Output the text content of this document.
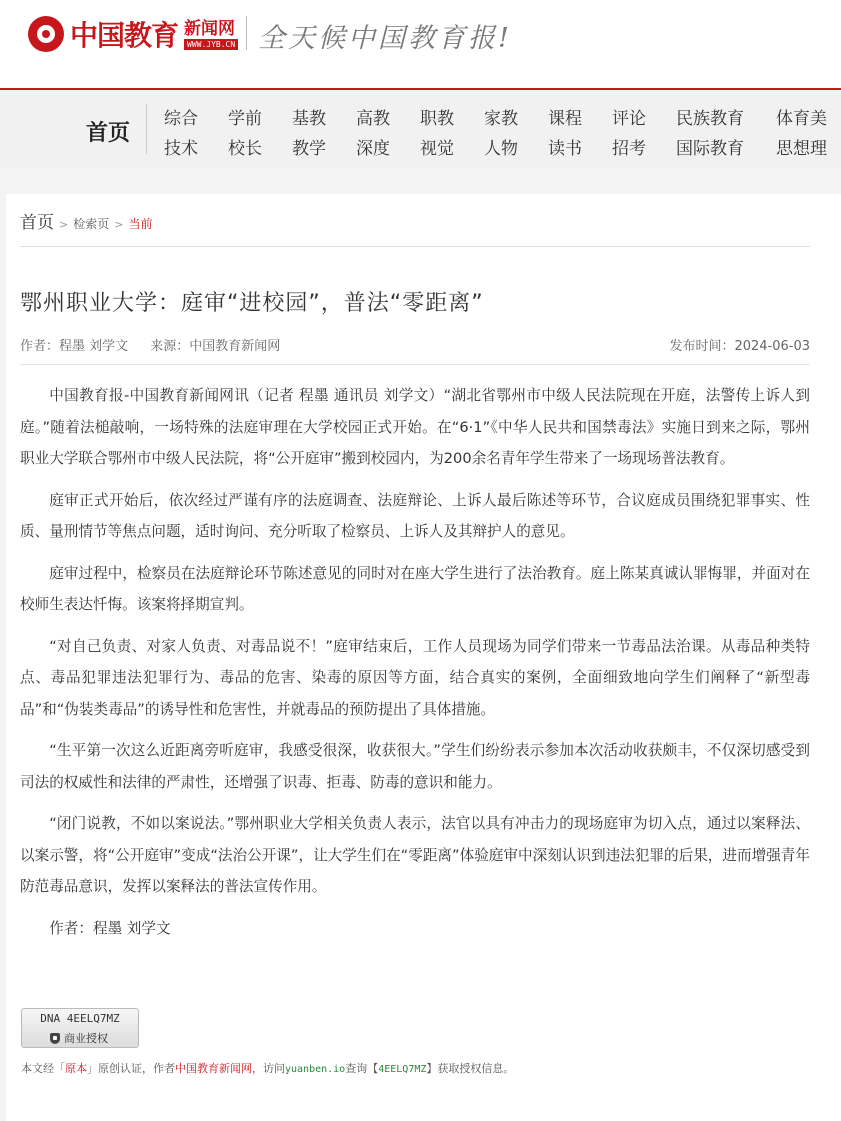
中国教育 新闻网
WWW.JYB.CN 全天候中国教育报!
首页
综合 学前 基教 高教 职教 家教 课程 评论 民族教育 体育美
技术 校长 教学 深度 视觉 人物 读书 招考 国际教育 思想理
首页 > 检索页 > 当前
鄂州职业大学：庭审“进校园”，普法“零距离”
作者：程墨 刘学文 来源：中国教育新闻网	发布时间：2024-06-03

中国教育报-中国教育新闻网讯（记者 程墨 通讯员 刘学文）“湖北省鄂州市中级人民法院现在开庭，法警传上诉人到庭。”随着法槌敲响，一场特殊的法庭审理在大学校园正式开始。在“6·1”《中华人民共和国禁毒法》实施日到来之际，鄂州职业大学联合鄂州市中级人民法院，将“公开庭审”搬到校园内，为200余名青年学生带来了一场现场普法教育。

庭审正式开始后，依次经过严谨有序的法庭调查、法庭辩论、上诉人最后陈述等环节，合议庭成员围绕犯罪事实、性质、量刑情节等焦点问题，适时询问、充分听取了检察员、上诉人及其辩护人的意见。

庭审过程中，检察员在法庭辩论环节陈述意见的同时对在座大学生进行了法治教育。庭上陈某真诚认罪悔罪，并面对在校师生表达忏悔。该案将择期宣判。

“对自己负责、对家人负责、对毒品说不！”庭审结束后，工作人员现场为同学们带来一节毒品法治课。从毒品种类特点、毒品犯罪违法犯罪行为、毒品的危害、染毒的原因等方面，结合真实的案例，全面细致地向学生们阐释了“新型毒品”和“伪装类毒品”的诱导性和危害性，并就毒品的预防提出了具体措施。

“生平第一次这么近距离旁听庭审，我感受很深，收获很大。”学生们纷纷表示参加本次活动收获颇丰，不仅深切感受到司法的权威性和法律的严肃性，还增强了识毒、拒毒、防毒的意识和能力。

“闭门说教，不如以案说法。”鄂州职业大学相关负责人表示，法官以具有冲击力的现场庭审为切入点，通过以案释法、以案示警，将“公开庭审”变成“法治公开课”，让大学生们在“零距离”体验庭审中深刻认识到违法犯罪的后果，进而增强青年防范毒品意识，发挥以案释法的普法宣传作用。

作者：程墨 刘学文

DNA 4EELQ7MZ
商业授权
本文经「原本」原创认证，作者中国教育新闻网，访问yuanben.io查询【4EELQ7MZ】获取授权信息。
